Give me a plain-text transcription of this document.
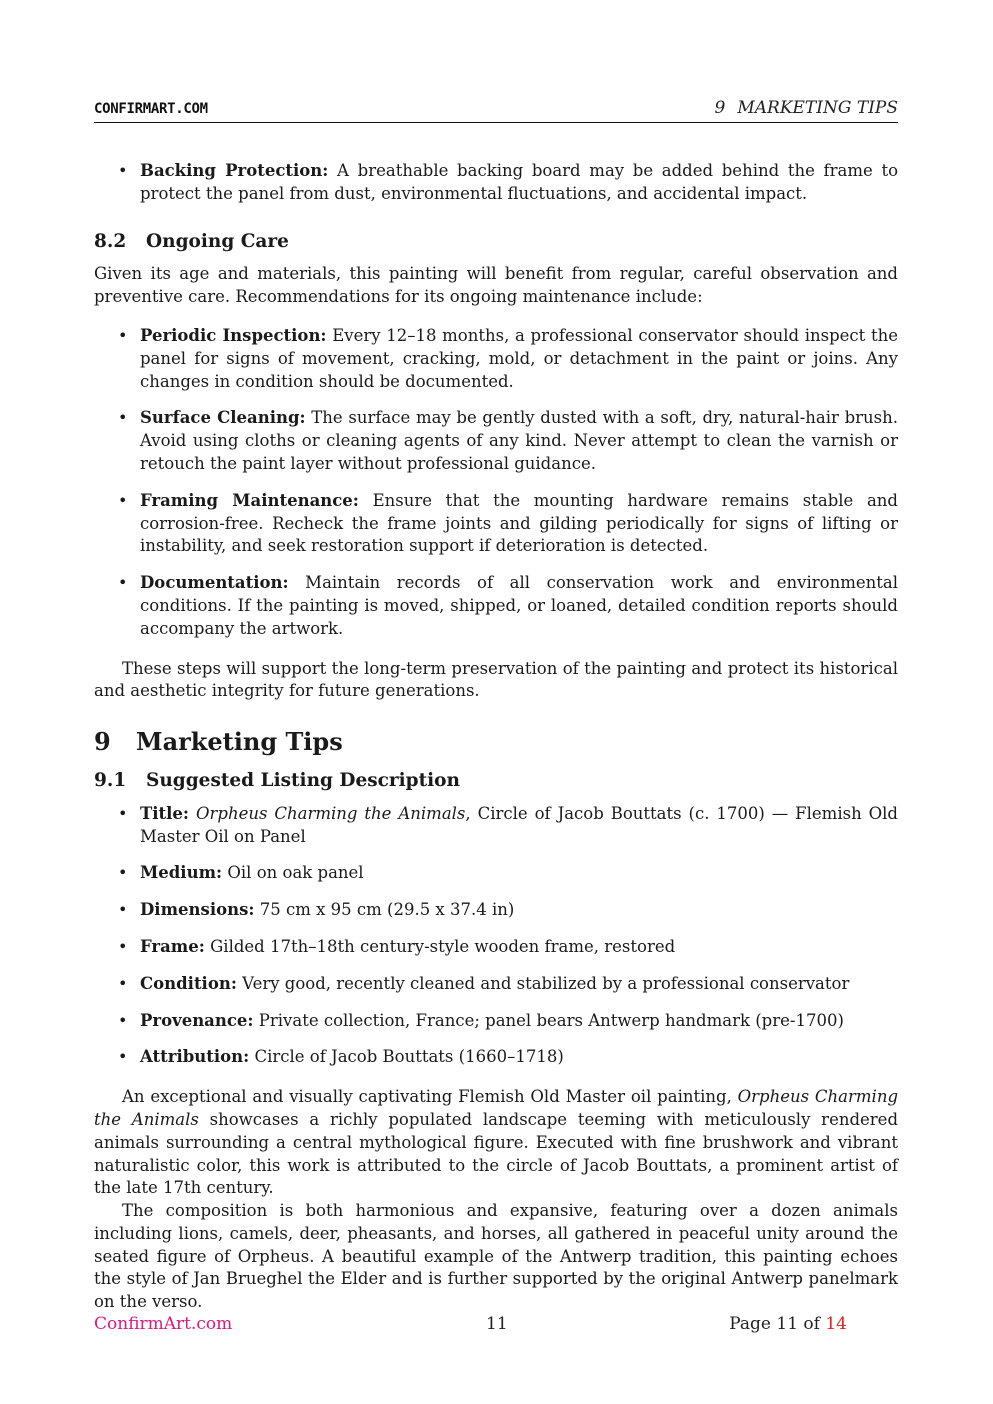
CONFIRMART.COM	9 MARKETING TIPS
• Backing Protection: A breathable backing board may be added behind the frame to protect the panel from dust, environmental fluctuations, and accidental impact.
8.2 Ongoing Care

Given its age and materials, this painting will benefit from regular, careful observation and preventive care. Recommendations for its ongoing maintenance include:

• Periodic Inspection: Every 12–18 months, a professional conservator should inspect the panel for signs of movement, cracking, mold, or detachment in the paint or joins. Any changes in condition should be documented.
• Surface Cleaning: The surface may be gently dusted with a soft, dry, natural-hair brush. Avoid using cloths or cleaning agents of any kind. Never attempt to clean the varnish or retouch the paint layer without professional guidance.
• Framing Maintenance: Ensure that the mounting hardware remains stable and corrosion-free. Recheck the frame joints and gilding periodically for signs of lifting or instability, and seek restoration support if deterioration is detected.
• Documentation: Maintain records of all conservation work and environmental conditions. If the painting is moved, shipped, or loaned, detailed condition reports should accompany the artwork.

These steps will support the long-term preservation of the painting and protect its historical and aesthetic integrity for future generations.

9 Marketing Tips
9.1 Suggested Listing Description
• Title: Orpheus Charming the Animals, Circle of Jacob Bouttats (c. 1700) — Flemish Old Master Oil on Panel
• Medium: Oil on oak panel
• Dimensions: 75 cm x 95 cm (29.5 x 37.4 in)
• Frame: Gilded 17th–18th century-style wooden frame, restored
• Condition: Very good, recently cleaned and stabilized by a professional conservator
• Provenance: Private collection, France; panel bears Antwerp handmark (pre-1700)
• Attribution: Circle of Jacob Bouttats (1660–1718)

An exceptional and visually captivating Flemish Old Master oil painting, Orpheus Charming the Animals showcases a richly populated landscape teeming with meticulously rendered animals surrounding a central mythological figure. Executed with fine brushwork and vibrant naturalistic color, this work is attributed to the circle of Jacob Bouttats, a prominent artist of the late 17th century.

The composition is both harmonious and expansive, featuring over a dozen animals including lions, camels, deer, pheasants, and horses, all gathered in peaceful unity around the seated figure of Orpheus. A beautiful example of the Antwerp tradition, this painting echoes the style of Jan Brueghel the Elder and is further supported by the original Antwerp panelmark on the verso.

ConfirmArt.com	11	Page 11 of 14
